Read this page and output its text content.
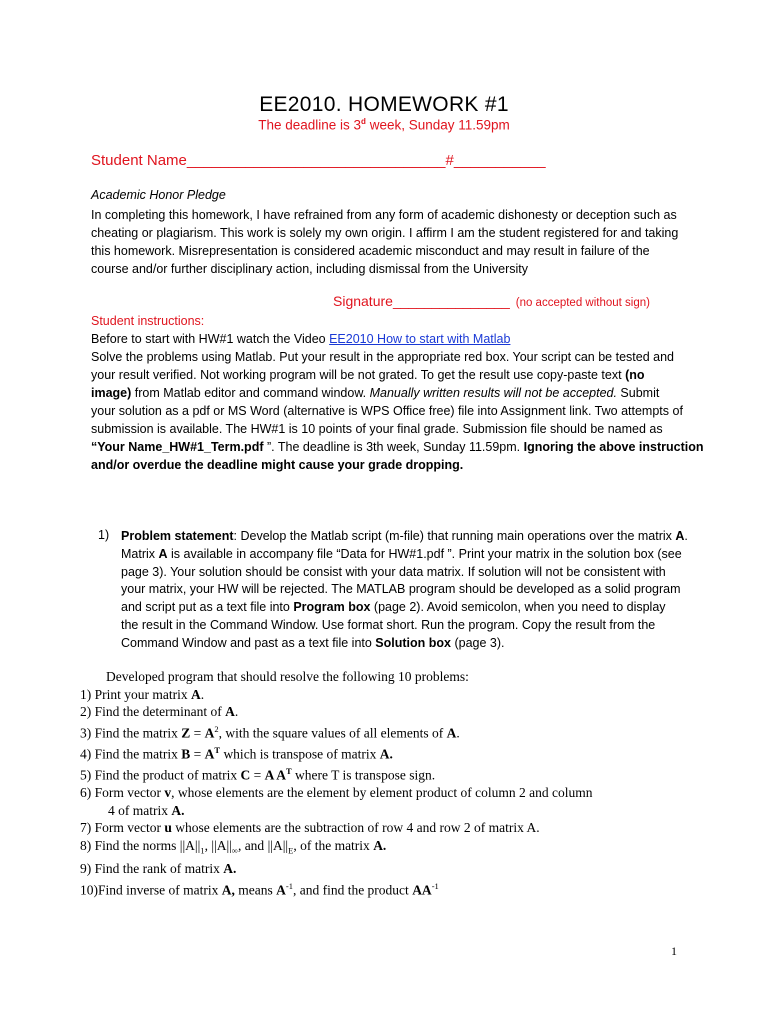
EE2010. HOMEWORK #1
The deadline is 3$^d$ week, Sunday 11.59pm
Student Name_______________________________#___________
Academic Honor Pledge
In completing this homework, I have refrained from any form of academic dishonesty or deception such as
cheating or plagiarism. This work is solely my own origin. I affirm I am the student registered for and taking
this homework. Misrepresentation is considered academic misconduct and may result in failure of the
course and/or further disciplinary action, including dismissal from the University
Signature_______________ (no accepted without sign)
Student instructions:
Before to start with HW#1 watch the Video EE2010 How to start with Matlab
Solve the problems using Matlab. Put your result in the appropriate red box. Your script can be tested and
your result verified. Not working program will be not grated. To get the result use copy-paste text (no
image) from Matlab editor and command window. Manually written results will not be accepted. Submit
your solution as a pdf or MS Word (alternative is WPS Office free) file into Assignment link. Two attempts of
submission is available. The HW#1 is 10 points of your final grade. Submission file should be named as
“Your Name_HW#1_Term.pdf ”. The deadline is 3th week, Sunday 11.59pm. Ignoring the above instruction
and/or overdue the deadline might cause your grade dropping.
1) Problem statement: Develop the Matlab script (m-file) that running main operations over the matrix A.
Matrix A is available in accompany file “Data for HW#1.pdf ”. Print your matrix in the solution box (see
page 3). Your solution should be consist with your data matrix. If solution will not be consistent with
your matrix, your HW will be rejected. The MATLAB program should be developed as a solid program
and script put as a text file into Program box (page 2). Avoid semicolon, when you need to display
the result in the Command Window. Use format short. Run the program. Copy the result from the
Command Window and past as a text file into Solution box (page 3).
Developed program that should resolve the following 10 problems:
1) Print your matrix A.
2) Find the determinant of A.
3) Find the matrix $Z = A^2$, with the square values of all elements of A.
4) Find the matrix $B = A^T$ which is transpose of matrix A.
5) Find the product of matrix C = A $A^T$ where T is transpose sign.
6) Form vector v, whose elements are the element by element product of column 2 and column
4 of matrix A.
7) Form vector u whose elements are the subtraction of row 4 and row 2 of matrix A.
8) Find the norms $||A||_1$, $||A||_\infty$, and $||A||_E$, of the matrix A.
9) Find the rank of matrix A.
10)Find inverse of matrix A, means $A^{-1}$, and find the product $AA^{-1}$
1
